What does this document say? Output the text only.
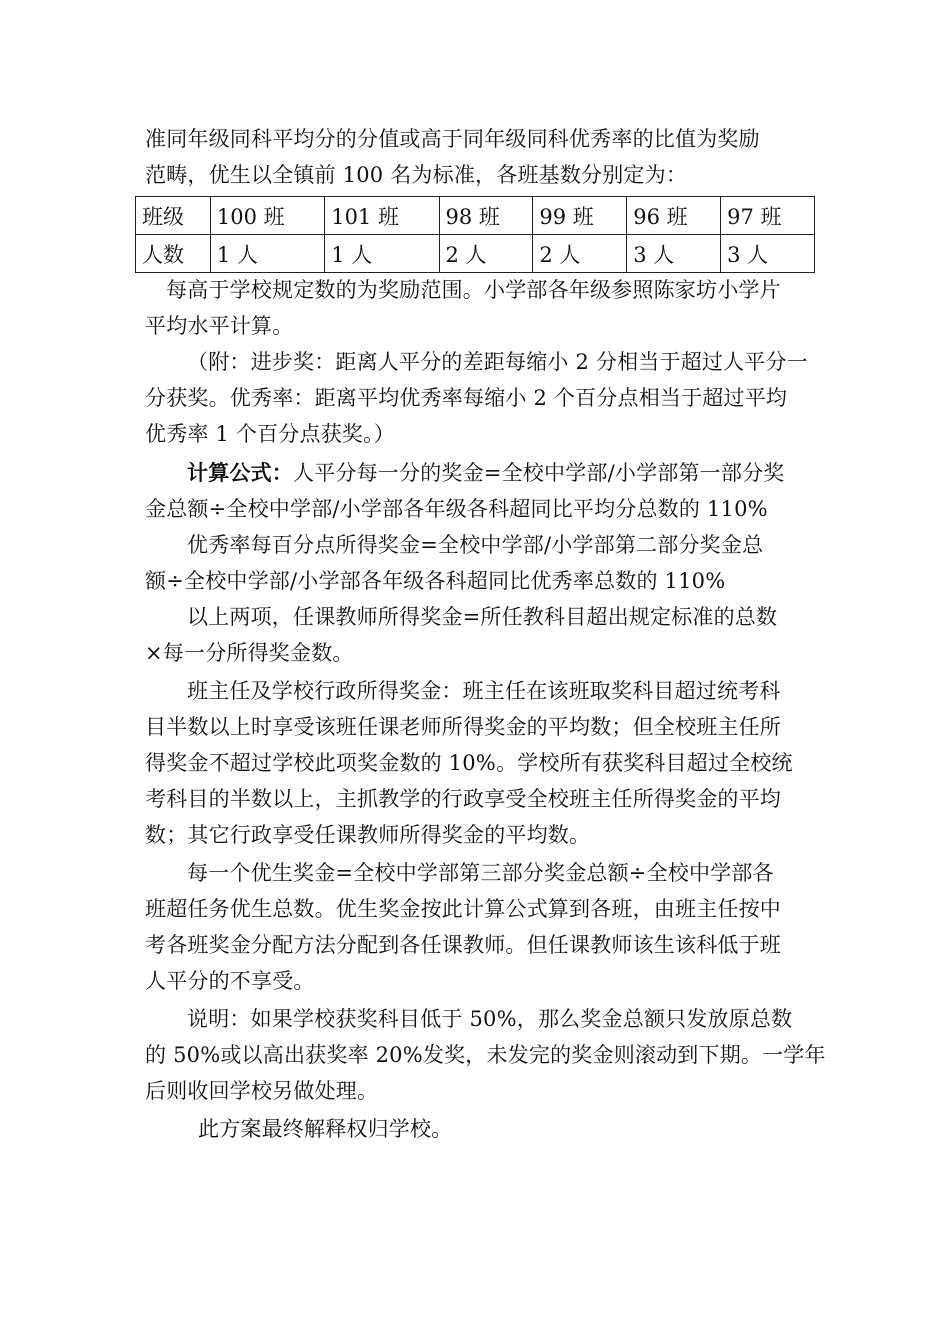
准同年级同科平均分的分值或高于同年级同科优秀率的比值为奖励
范畴，优生以全镇前 100 名为标准，各班基数分别定为：
班级	100 班	101 班	98 班	99 班	96 班	97 班
人数	1 人	1 人	2 人	2 人	3 人	3 人
每高于学校规定数的为奖励范围。小学部各年级参照陈家坊小学片
平均水平计算。
（附：进步奖：距离人平分的差距每缩小 2 分相当于超过人平分一
分获奖。优秀率：距离平均优秀率每缩小 2 个百分点相当于超过平均
优秀率 1 个百分点获奖。）
计算公式：人平分每一分的奖金=全校中学部/小学部第一部分奖
金总额÷全校中学部/小学部各年级各科超同比平均分总数的 110%
优秀率每百分点所得奖金=全校中学部/小学部第二部分奖金总
额÷全校中学部/小学部各年级各科超同比优秀率总数的 110%
以上两项，任课教师所得奖金=所任教科目超出规定标准的总数
×每一分所得奖金数。
班主任及学校行政所得奖金：班主任在该班取奖科目超过统考科
目半数以上时享受该班任课老师所得奖金的平均数；但全校班主任所
得奖金不超过学校此项奖金数的 10%。学校所有获奖科目超过全校统
考科目的半数以上，主抓教学的行政享受全校班主任所得奖金的平均
数；其它行政享受任课教师所得奖金的平均数。
每一个优生奖金=全校中学部第三部分奖金总额÷全校中学部各
班超任务优生总数。优生奖金按此计算公式算到各班，由班主任按中
考各班奖金分配方法分配到各任课教师。但任课教师该生该科低于班
人平分的不享受。
说明：如果学校获奖科目低于 50%，那么奖金总额只发放原总数
的 50%或以高出获奖率 20%发奖，未发完的奖金则滚动到下期。一学年
后则收回学校另做处理。
此方案最终解释权归学校。
